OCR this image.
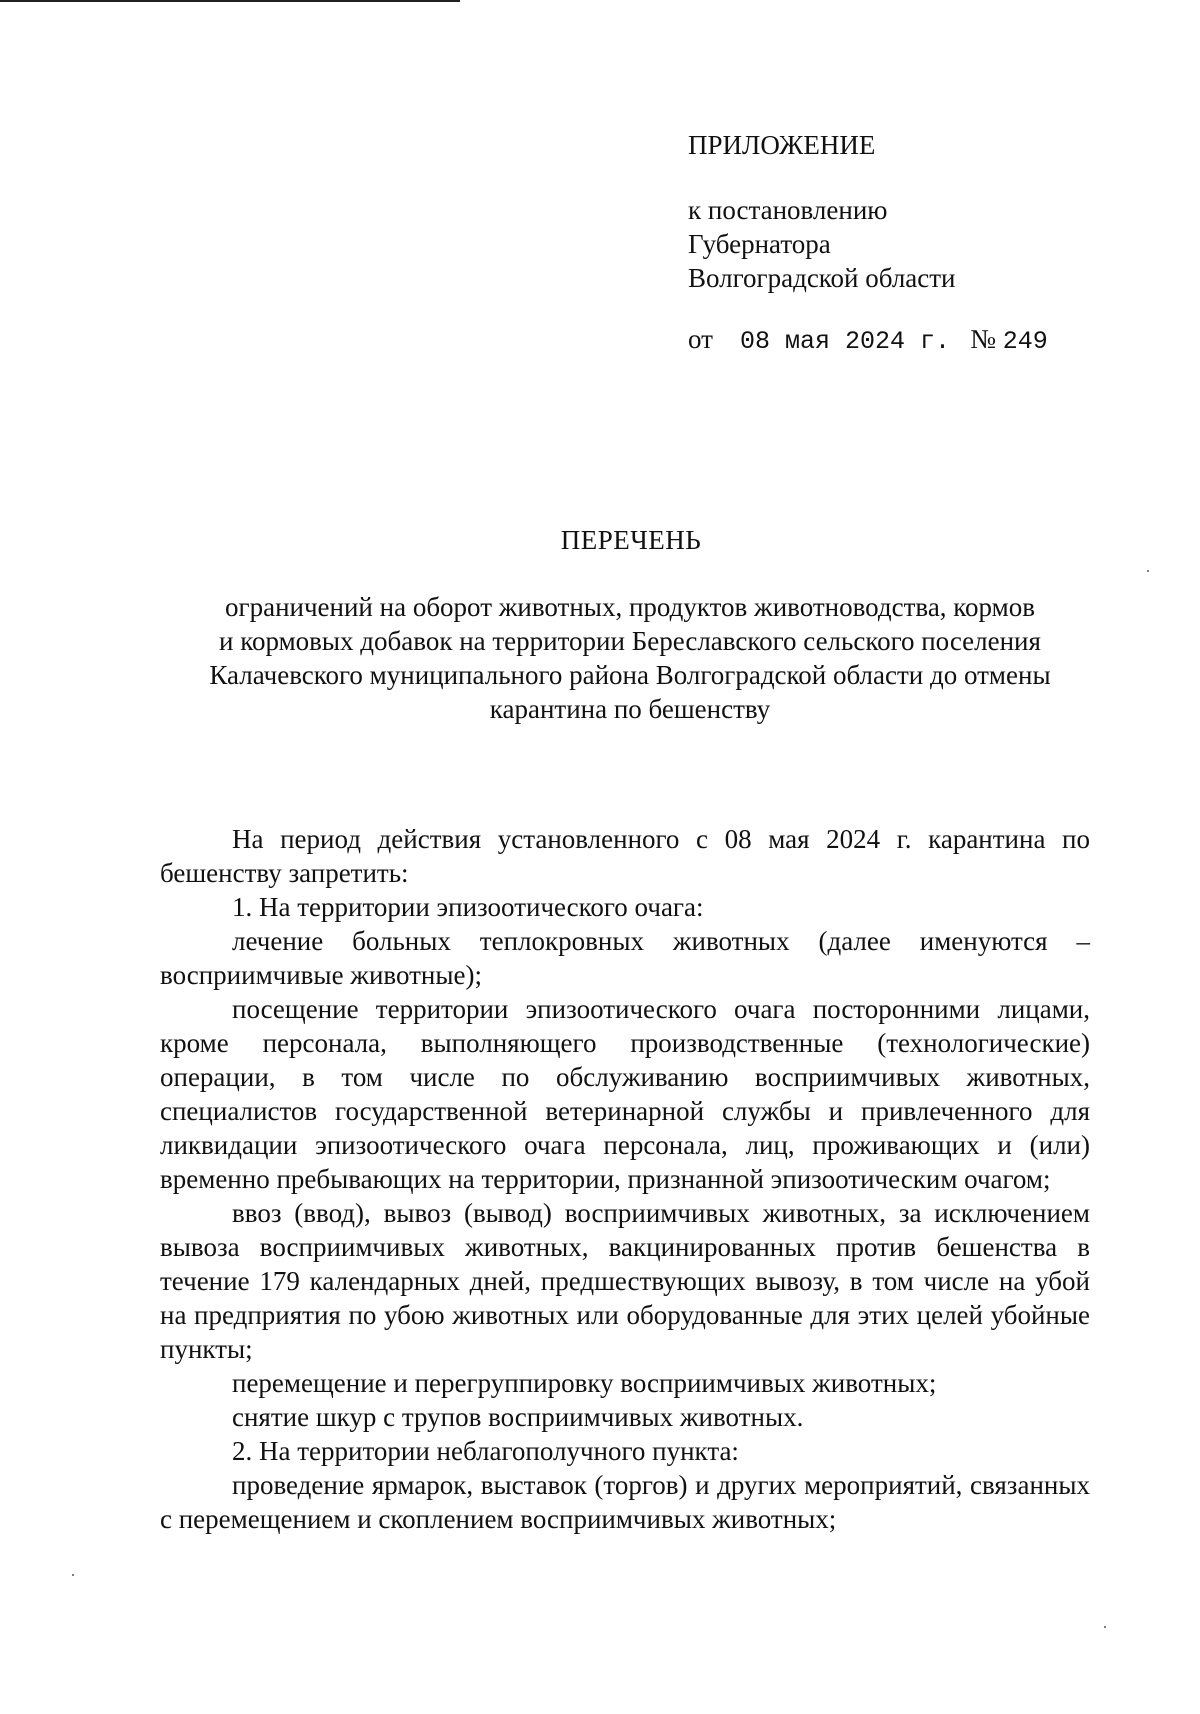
ПРИЛОЖЕНИЕ
к постановлению
Губернатора
Волгоградской области
от 08 мая 2024 г. № 249
ПЕРЕЧЕНЬ
ограничений на оборот животных, продуктов животноводства, кормов
и кормовых добавок на территории Береславского сельского поселения
Калачевского муниципального района Волгоградской области до отмены
карантина по бешенству

На период действия установленного с 08 мая 2024 г. карантина по бешенству запретить:

1. На территории эпизоотического очага:

лечение больных теплокровных животных (далее именуются – восприимчивые животные);

посещение территории эпизоотического очага посторонними лицами, кроме персонала, выполняющего производственные (технологические) операции, в том числе по обслуживанию восприимчивых животных, специалистов государственной ветеринарной службы и привлеченного для ликвидации эпизоотического очага персонала, лиц, проживающих и (или) временно пребывающих на территории, признанной эпизоотическим очагом;

ввоз (ввод), вывоз (вывод) восприимчивых животных, за исключением вывоза восприимчивых животных, вакцинированных против бешенства в течение 179 календарных дней, предшествующих вывозу, в том числе на убой на предприятия по убою животных или оборудованные для этих целей убойные пункты;

перемещение и перегруппировку восприимчивых животных;

снятие шкур с трупов восприимчивых животных.

2. На территории неблагополучного пункта:

проведение ярмарок, выставок (торгов) и других мероприятий, связанных с перемещением и скоплением восприимчивых животных;
